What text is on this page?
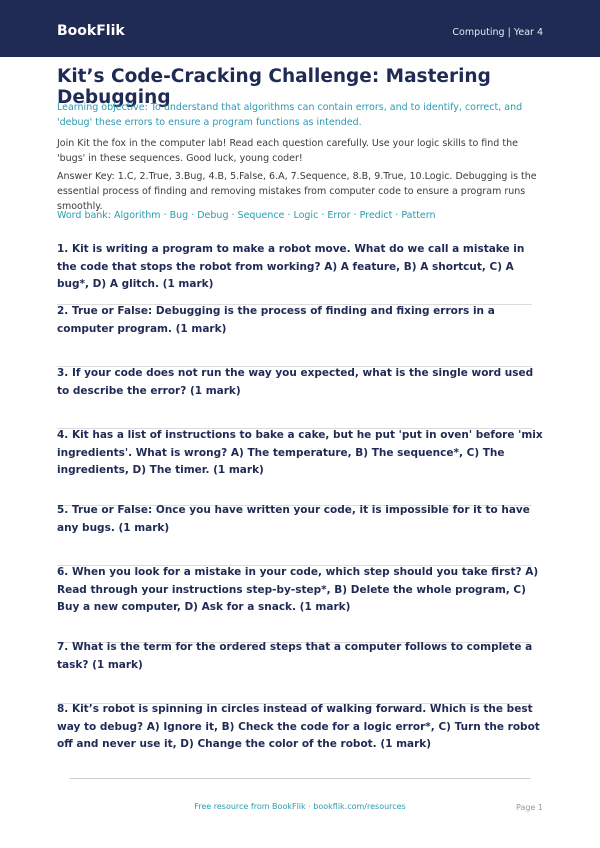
BookFlik	Computing | Year 4
Kit’s Code-Cracking Challenge: Mastering Debugging

Learning objective: To understand that algorithms can contain errors, and to identify, correct, and 'debug' these errors to ensure a program functions as intended.

Join Kit the fox in the computer lab! Read each question carefully. Use your logic skills to find the 'bugs' in these sequences. Good luck, young coder!

Answer Key: 1.C, 2.True, 3.Bug, 4.B, 5.False, 6.A, 7.Sequence, 8.B, 9.True, 10.Logic. Debugging is the essential process of finding and removing mistakes from computer code to ensure a program runs smoothly.

Word bank: Algorithm · Bug · Debug · Sequence · Logic · Error · Predict · Pattern

1. Kit is writing a program to make a robot move. What do we call a mistake in the code that stops the robot from working? A) A feature, B) A shortcut, C) A bug*, D) A glitch. (1 mark)

2. True or False: Debugging is the process of finding and fixing errors in a computer program. (1 mark)

3. If your code does not run the way you expected, what is the single word used to describe the error? (1 mark)

4. Kit has a list of instructions to bake a cake, but he put 'put in oven' before 'mix ingredients'. What is wrong? A) The temperature, B) The sequence*, C) The ingredients, D) The timer. (1 mark)

5. True or False: Once you have written your code, it is impossible for it to have any bugs. (1 mark)

6. When you look for a mistake in your code, which step should you take first? A) Read through your instructions step-by-step*, B) Delete the whole program, C) Buy a new computer, D) Ask for a snack. (1 mark)

7. What is the term for the ordered steps that a computer follows to complete a task? (1 mark)

8. Kit’s robot is spinning in circles instead of walking forward. Which is the best way to debug? A) Ignore it, B) Check the code for a logic error*, C) Turn the robot off and never use it, D) Change the color of the robot. (1 mark)

Free resource from BookFlik · bookflik.com/resources	Page 1
